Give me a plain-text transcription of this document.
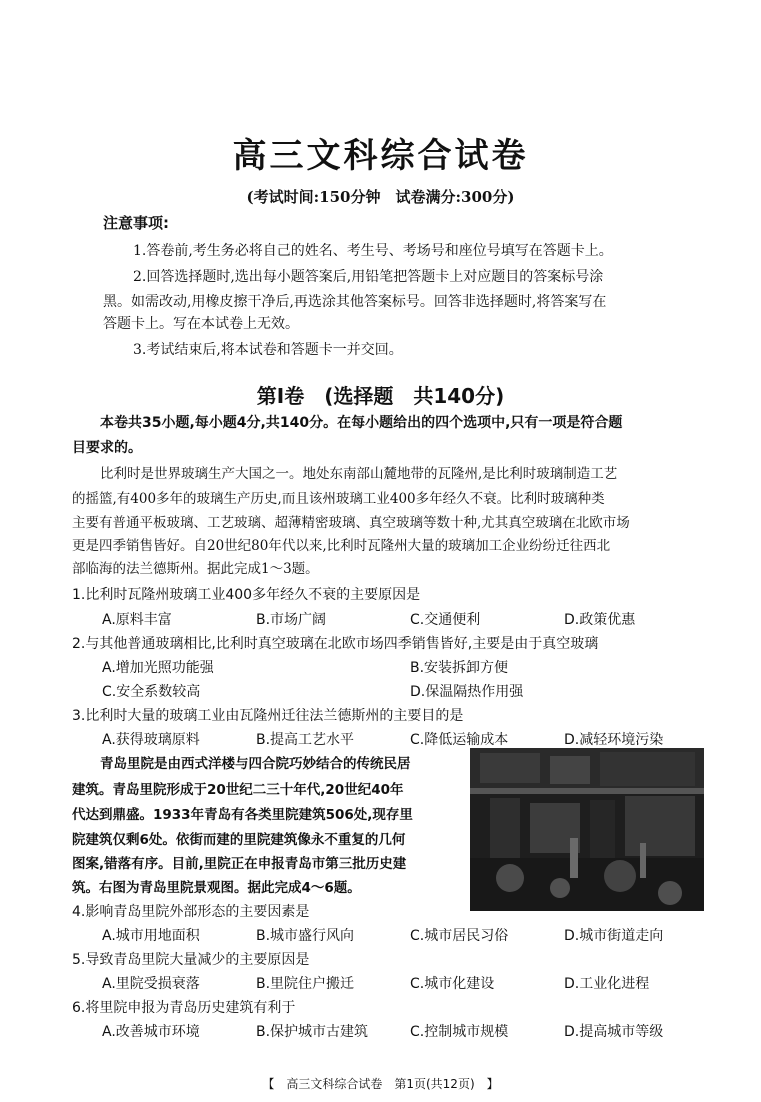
高三文科综合试卷
(考试时间:150分钟　试卷满分:300分)
注意事项:
1.答卷前,考生务必将自己的姓名、考生号、考场号和座位号填写在答题卡上。
2.回答选择题时,选出每小题答案后,用铅笔把答题卡上对应题目的答案标号涂
黑。如需改动,用橡皮擦干净后,再选涂其他答案标号。回答非选择题时,将答案写在
答题卡上。写在本试卷上无效。
3.考试结束后,将本试卷和答题卡一并交回。
第Ⅰ卷　(选择题　共140分)
本卷共35小题,每小题4分,共140分。在每小题给出的四个选项中,只有一项是符合题
目要求的。
比利时是世界玻璃生产大国之一。地处东南部山麓地带的瓦隆州,是比利时玻璃制造工艺
的摇篮,有400多年的玻璃生产历史,而且该州玻璃工业400多年经久不衰。比利时玻璃种类
主要有普通平板玻璃、工艺玻璃、超薄精密玻璃、真空玻璃等数十种,尤其真空玻璃在北欧市场
更是四季销售皆好。自20世纪80年代以来,比利时瓦隆州大量的玻璃加工企业纷纷迁往西北
部临海的法兰德斯州。据此完成1～3题。
1.比利时瓦隆州玻璃工业400多年经久不衰的主要原因是
A.原料丰富	B.市场广阔	C.交通便利	D.政策优惠
2.与其他普通玻璃相比,比利时真空玻璃在北欧市场四季销售皆好,主要是由于真空玻璃
A.增加光照功能强	B.安装拆卸方便
C.安全系数较高	D.保温隔热作用强
3.比利时大量的玻璃工业由瓦隆州迁往法兰德斯州的主要目的是
A.获得玻璃原料	B.提高工艺水平	C.降低运输成本	D.减轻环境污染
青岛里院是由西式洋楼与四合院巧妙结合的传统民居
建筑。青岛里院形成于20世纪二三十年代,20世纪40年
代达到鼎盛。1933年青岛有各类里院建筑506处,现存里
院建筑仅剩6处。依街而建的里院建筑像永不重复的几何
图案,错落有序。目前,里院正在申报青岛市第三批历史建
筑。右图为青岛里院景观图。据此完成4～6题。
4.影响青岛里院外部形态的主要因素是
A.城市用地面积	B.城市盛行风向	C.城市居民习俗	D.城市街道走向
5.导致青岛里院大量减少的主要原因是
A.里院受损衰落	B.里院住户搬迁	C.城市化建设	D.工业化进程
6.将里院申报为青岛历史建筑有利于
A.改善城市环境	B.保护城市古建筑	C.控制城市规模	D.提高城市等级
【　高三文科综合试卷　第1页(共12页)　】
